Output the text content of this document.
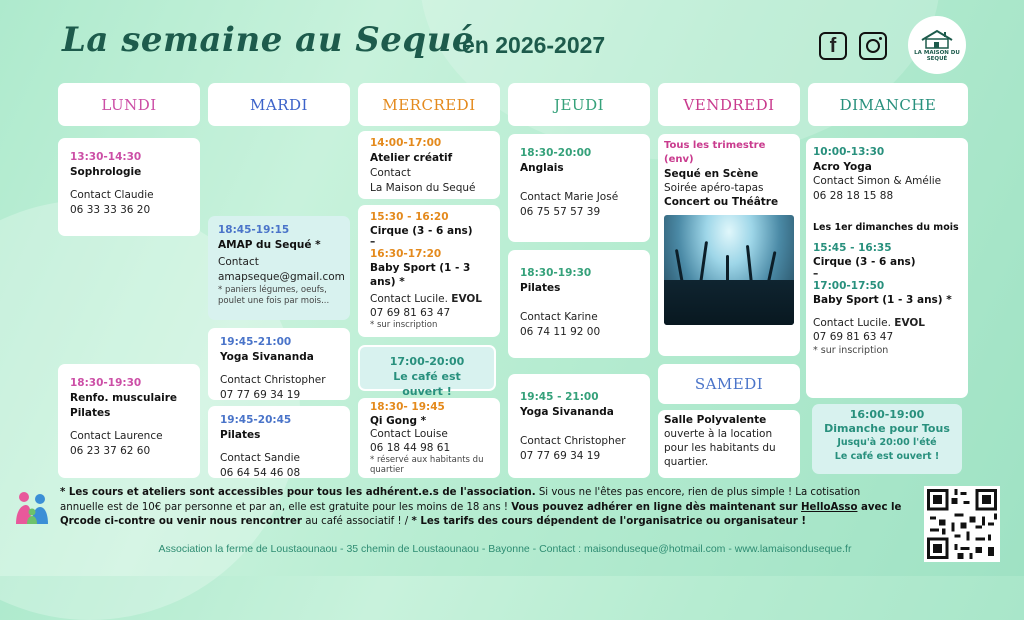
La semaine au Sequé
en 2026-2027	f	LA MAISON DU SEQUÉ
LUNDI	MARDI	MERCREDI	JEUDI	VENDREDI	DIMANCHE
13:30-14:30
Sophrologie
Contact Claudie
06 33 33 36 20
18:30-19:30
Renfo. musculaire
Pilates
Contact Laurence
06 23 37 62 60
18:45-19:15
AMAP du Sequé *
Contact
amapseque@gmail.com
* paniers légumes, oeufs, poulet une fois par mois...
19:45-21:00
Yoga Sivananda
Contact Christopher
07 77 69 34 19
19:45-20:45
Pilates
Contact Sandie
06 64 54 46 08
14:00-17:00
Atelier créatif
Contact
La Maison du Sequé
15:30 - 16:20
Cirque (3 - 6 ans)
–
16:30-17:20
Baby Sport (1 - 3 ans) *
Contact Lucile. EVOL
07 69 81 63 47
* sur inscription
17:00-20:00
Le café est ouvert !
18:30- 19:45
Qi Gong *
Contact Louise
06 18 44 98 61
* réservé aux habitants du quartier
18:30-20:00
Anglais
Contact Marie José
06 75 57 57 39
18:30-19:30
Pilates
Contact Karine
06 74 11 92 00
19:45 - 21:00
Yoga Sivananda
Contact Christopher
07 77 69 34 19
Tous les trimestre (env)
Sequé en Scène
Soirée apéro-tapas
Concert ou Théâtre
SAMEDI
Salle Polyvalente
ouverte à la location
pour les habitants du
quartier.
10:00-13:30
Acro Yoga
Contact Simon & Amélie
06 28 18 15 88
Les 1er dimanches du mois
15:45 - 16:35
Cirque (3 - 6 ans)
–
17:00-17:50
Baby Sport (1 - 3 ans) *
Contact Lucile. EVOL
07 69 81 63 47
* sur inscription
16:00-19:00
Dimanche pour Tous
Jusqu'à 20:00 l'été
Le café est ouvert !
* Les cours et ateliers sont accessibles pour tous les adhérent.e.s de l'association. Si vous ne l'êtes pas encore, rien de plus simple ! La cotisation annuelle est de 10€ par personne et par an, elle est gratuite pour les moins de 18 ans ! Vous pouvez adhérer en ligne dès maintenant sur HelloAsso avec le Qrcode ci-contre ou venir nous rencontrer au café associatif ! / * Les tarifs des cours dépendent de l'organisatrice ou organisateur !
Association la ferme de Loustaounaou - 35 chemin de Loustaounaou - Bayonne - Contact : maisonduseque@hotmail.com - www.lamaisonduseque.fr
